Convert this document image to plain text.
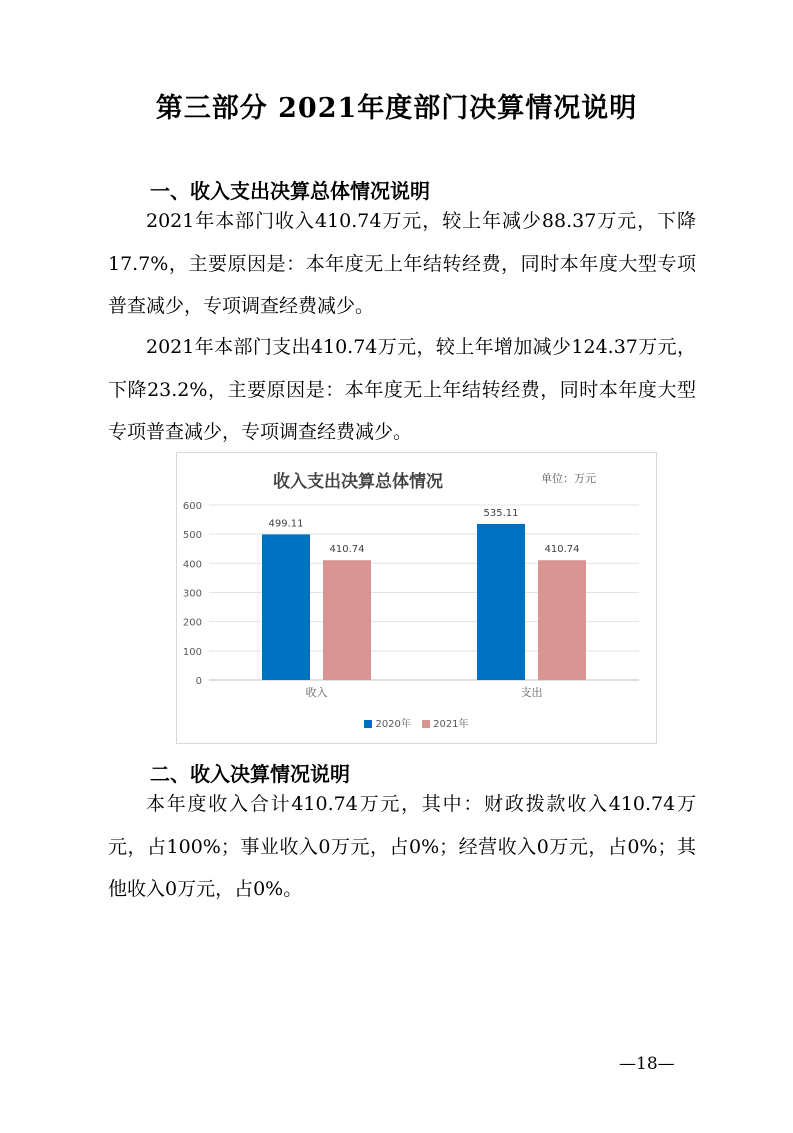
第三部分 2021年度部门决算情况说明
一、收入支出决算总体情况说明

2021年本部门收入410.74万元，较上年减少88.37万元，下降17.7%，主要原因是：本年度无上年结转经费，同时本年度大型专项普查减少，专项调查经费减少。

2021年本部门支出410.74万元，较上年增加减少124.37万元，下降23.2%，主要原因是：本年度无上年结转经费，同时本年度大型专项普查减少，专项调查经费减少。

0
100
200
300
400
500
600
499.11
410.74
收入
535.11
410.74
支出
收入支出决算总体情况	单位：万元
2020年 2021年
二、收入决算情况说明

本年度收入合计410.74万元，其中：财政拨款收入410.74万元，占100%；事业收入0万元，占0%；经营收入0万元，占0%；其他收入0万元，占0%。

—18—
